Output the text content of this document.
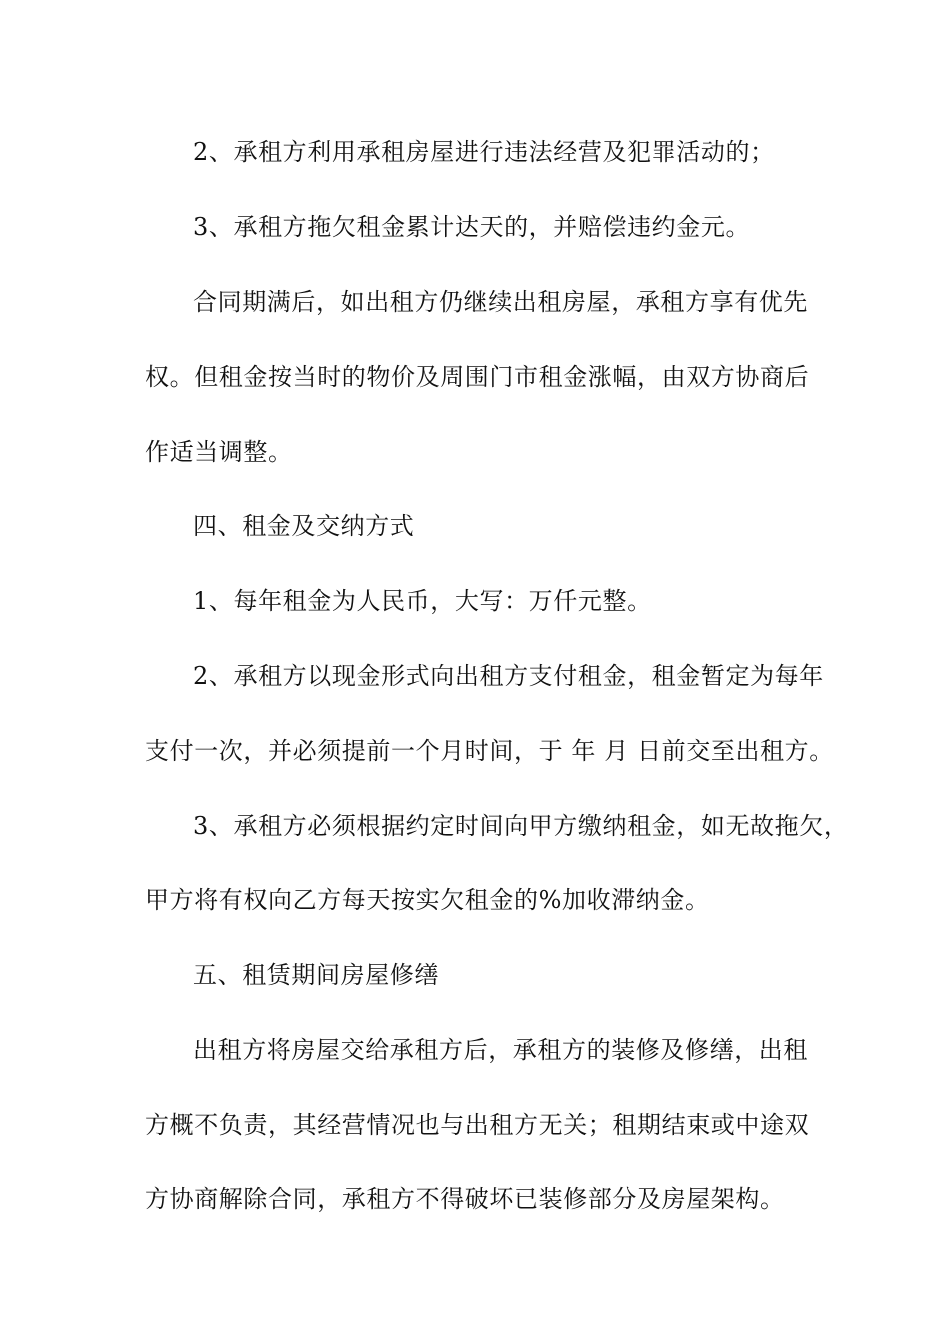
2、承租方利用承租房屋进行违法经营及犯罪活动的；
3、承租方拖欠租金累计达天的，并赔偿违约金元。
合同期满后，如出租方仍继续出租房屋，承租方享有优先
权。但租金按当时的物价及周围门市租金涨幅，由双方协商后
作适当调整。
四、租金及交纳方式
1、每年租金为人民币，大写：万仟元整。
2、承租方以现金形式向出租方支付租金，租金暂定为每年
支付一次，并必须提前一个月时间，于 年 月 日前交至出租方。
3、承租方必须根据约定时间向甲方缴纳租金，如无故拖欠，
甲方将有权向乙方每天按实欠租金的%加收滞纳金。
五、租赁期间房屋修缮
出租方将房屋交给承租方后，承租方的装修及修缮，出租
方概不负责，其经营情况也与出租方无关；租期结束或中途双
方协商解除合同，承租方不得破坏已装修部分及房屋架构。
